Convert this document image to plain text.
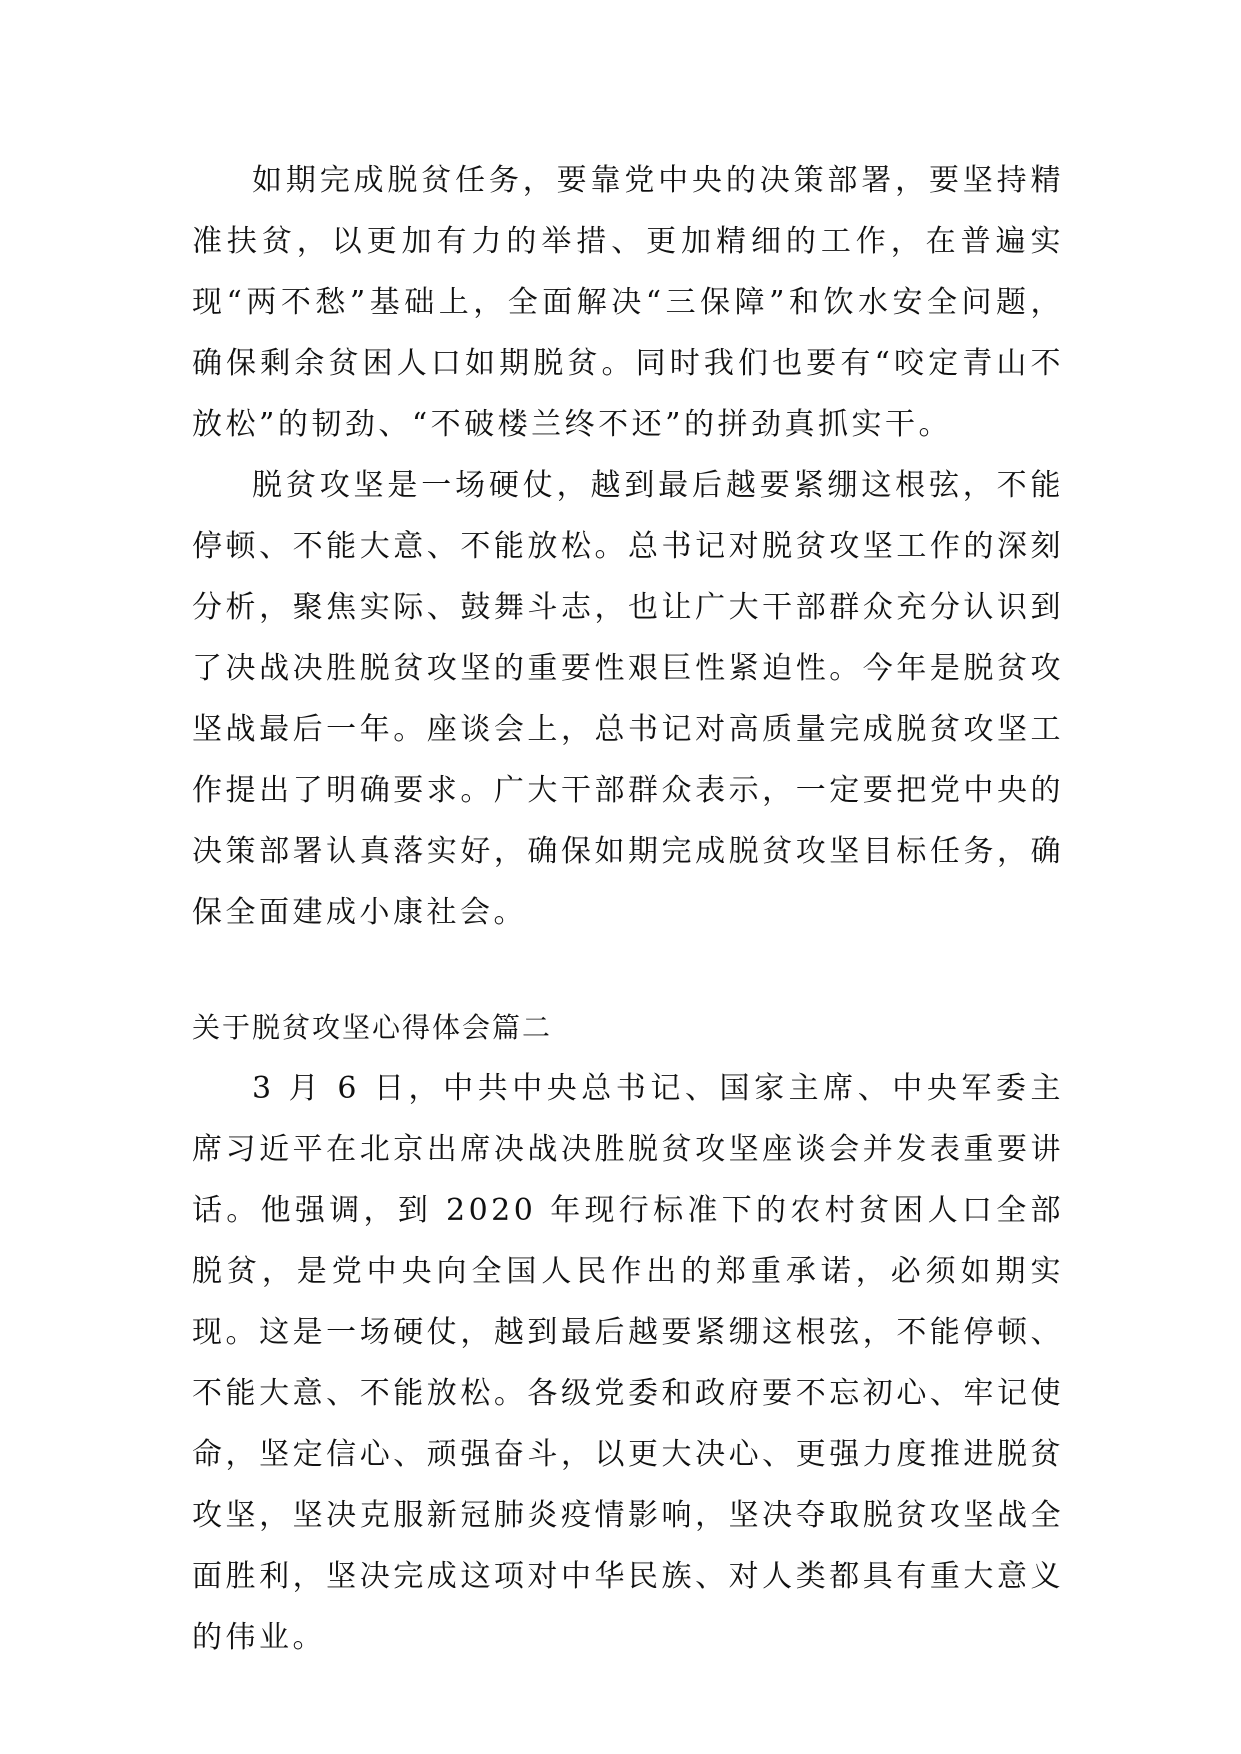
如期完成脱贫任务，要靠党中央的决策部署，要坚持精准扶贫，以更加有力的举措、更加精细的工作，在普遍实现“两不愁”基础上，全面解决“三保障”和饮水安全问题，确保剩余贫困人口如期脱贫。同时我们也要有“咬定青山不放松”的韧劲、“不破楼兰终不还”的拼劲真抓实干。

脱贫攻坚是一场硬仗，越到最后越要紧绷这根弦，不能停顿、不能大意、不能放松。总书记对脱贫攻坚工作的深刻分析，聚焦实际、鼓舞斗志，也让广大干部群众充分认识到了决战决胜脱贫攻坚的重要性艰巨性紧迫性。今年是脱贫攻坚战最后一年。座谈会上，总书记对高质量完成脱贫攻坚工作提出了明确要求。广大干部群众表示，一定要把党中央的决策部署认真落实好，确保如期完成脱贫攻坚目标任务，确保全面建成小康社会。

关于脱贫攻坚心得体会篇二

3 月 6 日，中共中央总书记、国家主席、中央军委主席习近平在北京出席决战决胜脱贫攻坚座谈会并发表重要讲话。他强调，到 2020 年现行标准下的农村贫困人口全部脱贫，是党中央向全国人民作出的郑重承诺，必须如期实现。这是一场硬仗，越到最后越要紧绷这根弦，不能停顿、不能大意、不能放松。各级党委和政府要不忘初心、牢记使命，坚定信心、顽强奋斗，以更大决心、更强力度推进脱贫攻坚，坚决克服新冠肺炎疫情影响，坚决夺取脱贫攻坚战全面胜利，坚决完成这项对中华民族、对人类都具有重大意义的伟业。
